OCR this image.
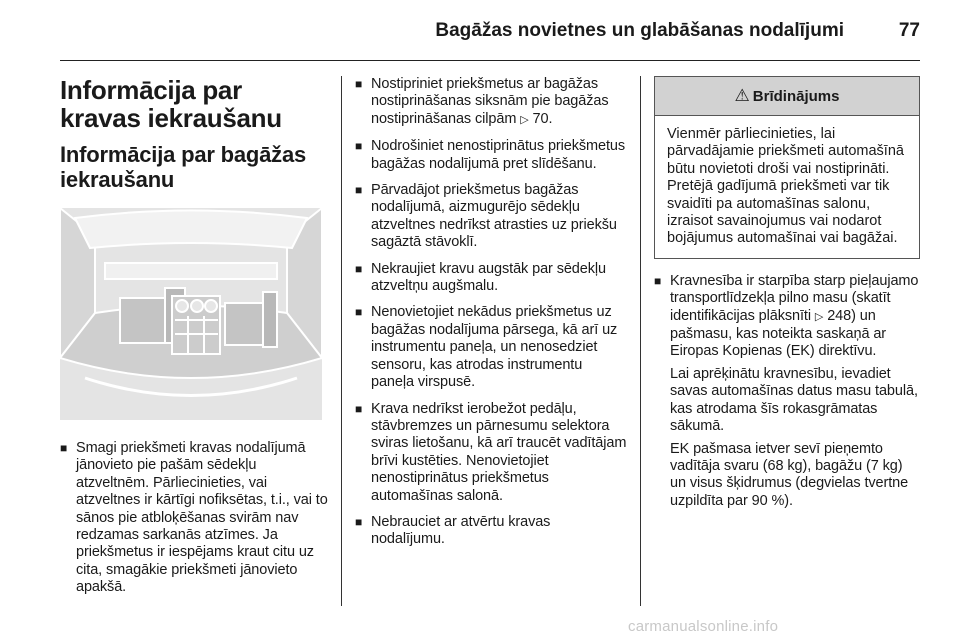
Bagāžas novietnes un glabāšanas nodalījumi	77
Informācija par kravas iekraušanu
Informācija par bagāžas iekraušanu
■ Smagi priekšmeti kravas nodalījumā jānovieto pie pašām sēdekļu atzveltnēm. Pārliecinieties, vai atzveltnes ir kārtīgi nofiksētas, t.i., vai to sānos pie atbloķēšanas svirām nav redzamas sarkanās atzīmes. Ja priekšmetus ir iespējams kraut citu uz cita, smagākie priekšmeti jānovieto apakšā.
■ Nostipriniet priekšmetus ar bagāžas nostiprināšanas siksnām pie bagāžas nostiprināšanas cilpām ▷ 70.
■ Nodrošiniet nenostiprinātus priekšmetus bagāžas nodalījumā pret slīdēšanu.
■ Pārvadājot priekšmetus bagāžas nodalījumā, aizmugurējo sēdekļu atzveltnes nedrīkst atrasties uz priekšu sagāztā stāvoklī.
■ Nekraujiet kravu augstāk par sēdekļu atzveltņu augšmalu.
■ Nenovietojiet nekādus priekšmetus uz bagāžas nodalījuma pārsega, kā arī uz instrumentu paneļa, un nenosedziet sensoru, kas atrodas instrumentu paneļa virspusē.
■ Krava nedrīkst ierobežot pedāļu, stāvbremzes un pārnesumu selektora sviras lietošanu, kā arī traucēt vadītājam brīvi kustēties. Nenovietojiet nenostiprinātus priekšmetus automašīnas salonā.
■ Nebrauciet ar atvērtu kravas nodalījumu.
⚠ Brīdinājums
Vienmēr pārliecinieties, lai pārvadājamie priekšmeti automašīnā būtu novietoti droši vai nostiprināti. Pretējā gadījumā priekšmeti var tik svaidīti pa automašīnas salonu, izraisot savainojumus vai nodarot bojājumus automašīnai vai bagāžai.
■ Kravnesība ir starpība starp pieļaujamo transportlīdzekļa pilno masu (skatīt identifikācijas plāksnīti ▷ 248) un pašmasu, kas noteikta saskaņā ar Eiropas Kopienas (EK) direktīvu.
Lai aprēķinātu kravnesību, ievadiet savas automašīnas datus masu tabulā, kas atrodama šīs rokasgrāmatas sākumā.
EK pašmasa ietver sevī pieņemto vadītāja svaru (68 kg), bagāžu (7 kg) un visus šķidrumus (degvielas tvertne uzpildīta par 90 %).
carmanualsonline.info
